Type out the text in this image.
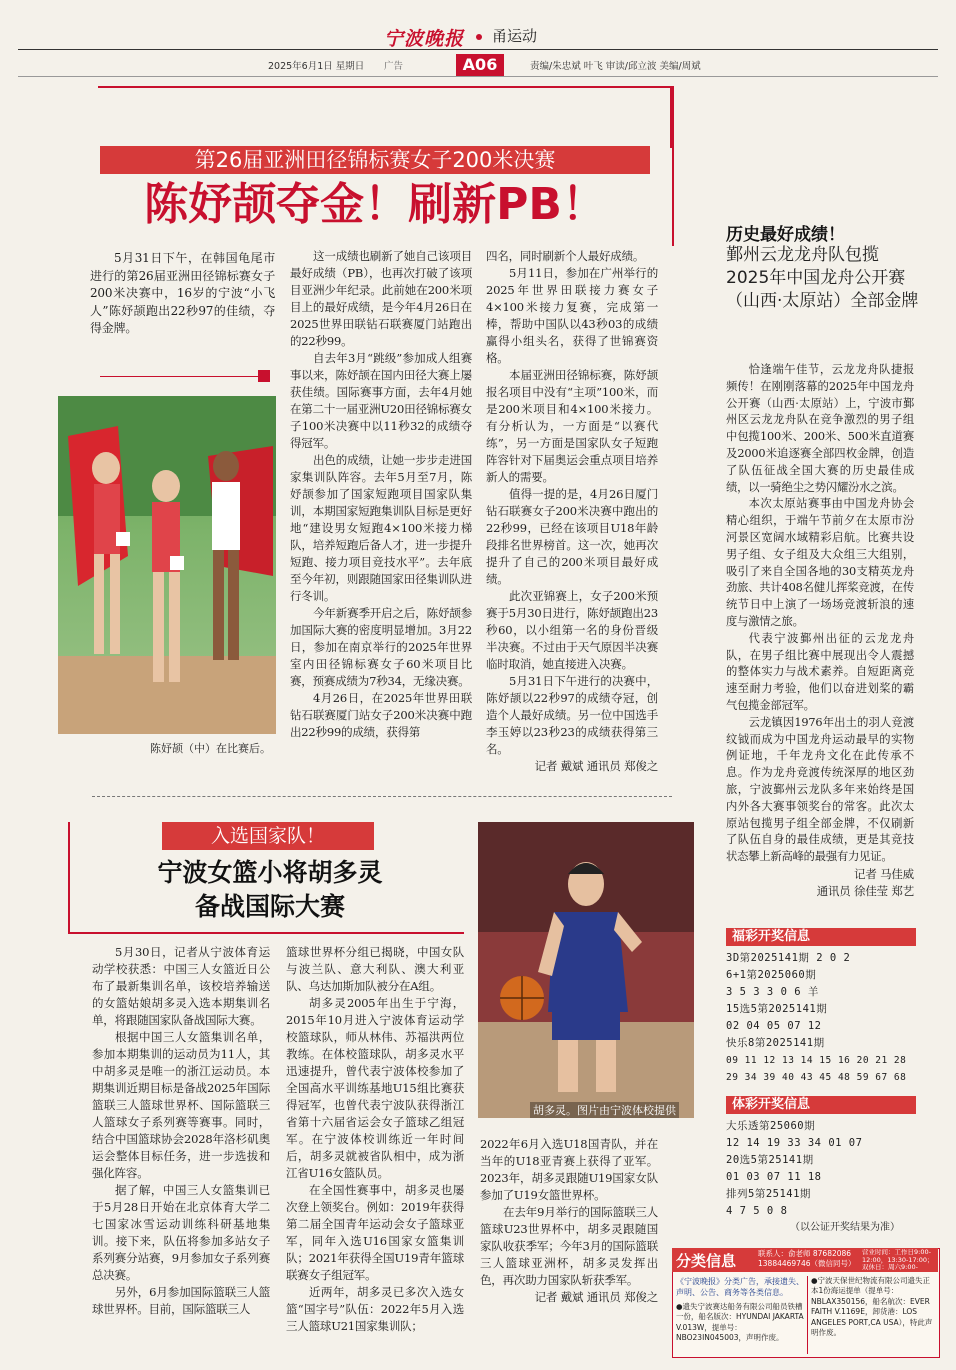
宁波晚报 甬运动
2025年6月1日 星期日 广告	A06	责编/朱忠斌 叶飞 审读/邱立波 美编/周斌
第26届亚洲田径锦标赛女子200米决赛
陈妤颉夺金！刷新PB！

5月31日下午，在韩国龟尾市进行的第26届亚洲田径锦标赛女子200米决赛中，16岁的宁波“小飞人”陈妤颉跑出22秒97的佳绩，夺得金牌。

陈妤颉（中）在比赛后。

这一成绩也刷新了她自己该项目最好成绩（PB），也再次打破了该项目亚洲少年纪录。此前她在200米项目上的最好成绩，是今年4月26日在2025世界田联钻石联赛厦门站跑出的22秒99。

自去年3月“跳级”参加成人组赛事以来，陈妤颉在国内田径大赛上屡获佳绩。国际赛事方面，去年4月她在第二十一届亚洲U20田径锦标赛女子100米决赛中以11秒32的成绩夺得冠军。

出色的成绩，让她一步步走进国家集训队阵容。去年5月至7月，陈妤颉参加了国家短跑项目国家队集训，本期国家短跑集训队目标是更好地“建设男女短跑4×100米接力梯队，培养短跑后备人才，进一步提升短跑、接力项目竞技水平”。去年底至今年初，则跟随国家田径集训队进行冬训。

今年新赛季开启之后，陈妤颉参加国际大赛的密度明显增加。3月22日，参加在南京举行的2025年世界室内田径锦标赛女子60米项目比赛，预赛成绩为7秒34，无缘决赛。

4月26日，在2025年世界田联钻石联赛厦门站女子200米决赛中跑出22秒99的成绩，获得第

四名，同时刷新个人最好成绩。

5月11日，参加在广州举行的2025年世界田联接力赛女子4×100米接力复赛，完成第一棒，帮助中国队以43秒03的成绩赢得小组头名，获得了世锦赛资格。

本届亚洲田径锦标赛，陈妤颉报名项目中没有“主项”100米，而是200米项目和4×100米接力。有分析认为，一方面是“以赛代练”，另一方面是国家队女子短跑阵容针对下届奥运会重点项目培养新人的需要。

值得一提的是，4月26日厦门钻石联赛女子200米决赛中跑出的22秒99，已经在该项目U18年龄段排名世界榜首。这一次，她再次提升了自己的200米项目最好成绩。

此次亚锦赛上，女子200米预赛于5月30日进行，陈妤颉跑出23秒60，以小组第一名的身份晋级半决赛。不过由于天气原因半决赛临时取消，她直接进入决赛。

5月31日下午进行的决赛中，陈妤颉以22秒97的成绩夺冠，创造个人最好成绩。另一位中国选手李玉婷以23秒23的成绩获得第三名。

记者 戴斌 通讯员 郑俊之

入选国家队！
宁波女篮小将胡多灵
备战国际大赛
胡多灵。图片由宁波体校提供

5月30日，记者从宁波体育运动学校获悉：中国三人女篮近日公布了最新集训名单，该校培养输送的女篮姑娘胡多灵入选本期集训名单，将跟随国家队备战国际大赛。

根据中国三人女篮集训名单，参加本期集训的运动员为11人，其中胡多灵是唯一的浙江运动员。本期集训近期目标是备战2025年国际篮联三人篮球世界杯、国际篮联三人篮球女子系列赛等赛事。同时，结合中国篮球协会2028年洛杉矶奥运会整体目标任务，进一步选拔和强化阵容。

据了解，中国三人女篮集训已于5月28日开始在北京体育大学二七国家冰雪运动训练科研基地集训。接下来，队伍将参加多站女子系列赛分站赛，9月参加女子系列赛总决赛。

另外，6月参加国际篮联三人篮球世界杯。目前，国际篮联三人

篮球世界杯分组已揭晓，中国女队与波兰队、意大利队、澳大利亚队、乌达加斯加队被分在A组。

胡多灵2005年出生于宁海，2015年10月进入宁波体育运动学校篮球队，师从林伟、苏福洪两位教练。在体校篮球队，胡多灵水平迅速提升，曾代表宁波体校参加了全国高水平训练基地U15组比赛获得冠军，也曾代表宁波队获得浙江省第十六届省运会女子篮球乙组冠军。在宁波体校训练近一年时间后，胡多灵就被省队相中，成为浙江省U16女篮队员。

在全国性赛事中，胡多灵也屡次登上领奖台。例如：2019年获得第二届全国青年运动会女子篮球亚军，同年入选U16国家女篮集训队；2021年获得全国U19青年篮球联赛女子组冠军。

近两年，胡多灵已多次入选女篮“国字号”队伍：2022年5月入选三人篮球U21国家集训队；

2022年6月入选U18国青队，并在当年的U18亚青赛上获得了亚军。2023年，胡多灵跟随U19国家女队参加了U19女篮世界杯。

在去年9月举行的国际篮联三人篮球U23世界杯中，胡多灵跟随国家队收获季军；今年3月的国际篮联三人篮球亚洲杯，胡多灵发挥出色，再次助力国家队斩获季军。

记者 戴斌 通讯员 郑俊之

历史最好成绩！
鄞州云龙龙舟队包揽2025年中国龙舟公开赛（山西·太原站）全部金牌

恰逢端午佳节，云龙龙舟队捷报频传！在刚刚落幕的2025年中国龙舟公开赛（山西·太原站）上，宁波市鄞州区云龙龙舟队在竞争激烈的男子组中包揽100米、200米、500米直道赛及2000米追逐赛全部四枚金牌，创造了队伍征战全国大赛的历史最佳成绩，以一骑绝尘之势闪耀汾水之滨。

本次太原站赛事由中国龙舟协会精心组织，于端午节前夕在太原市汾河景区宽阔水域精彩启航。比赛共设男子组、女子组及大众组三大组别，吸引了来自全国各地的30支精英龙舟劲旅、共计408名健儿挥桨竞渡，在传统节日中上演了一场场竞渡斩浪的速度与激情之旅。

代表宁波鄞州出征的云龙龙舟队，在男子组比赛中展现出令人震撼的整体实力与战术素养。自短距离竞速至耐力考验，他们以奋进划桨的霸气包揽金部冠军。

云龙镇因1976年出土的羽人竞渡纹钺而成为中国龙舟运动最早的实物例证地，千年龙舟文化在此传承不息。作为龙舟竞渡传统深厚的地区劲旅，宁波鄞州云龙队多年来始终是国内外各大赛事领奖台的常客。此次太原站包揽男子组全部金牌，不仅刷新了队伍自身的最佳成绩，更是其竞技状态攀上新高峰的最强有力见证。

记者 马佳威

通讯员 徐佳莹 郑艺

福彩开奖信息
3D第2025141期 2 0 2
6+1第2025060期
3 5 3 3 0 6 羊
15选5第2025141期
02 04 05 07 12
快乐8第2025141期
09 11 12 13 14 15 16 20 21 28
29 34 39 40 43 45 48 59 67 68
体彩开奖信息
大乐透第25060期
12 14 19 33 34 01 07
20选5第25141期
01 03 07 11 18
排列5第25141期
4 7 5 0 8
（以公证开奖结果为准）
分类信息	联系人：俞老师 87682086
13884469746（微信同号）
营业时间：工作日9:00-12:00，13:30-17:00；双休日：周六9:00-
《宁波晚报》分类广告，承接遗失、声明、公告、商务等各类信息。
●遗失宁波赛达船务有限公司船员铁槽一份，船名版次：HYUNDAI JAKARTA V.013W，提单号：NBO23IN045003，声明作废。
●宁波天保世纪物流有限公司遗失正本1份海运提单（提单号：NBLAX350156，船名航次：EVER FAITH V.1169E，卸货港：LOS ANGELES PORT,CA USA），特此声明作废。
